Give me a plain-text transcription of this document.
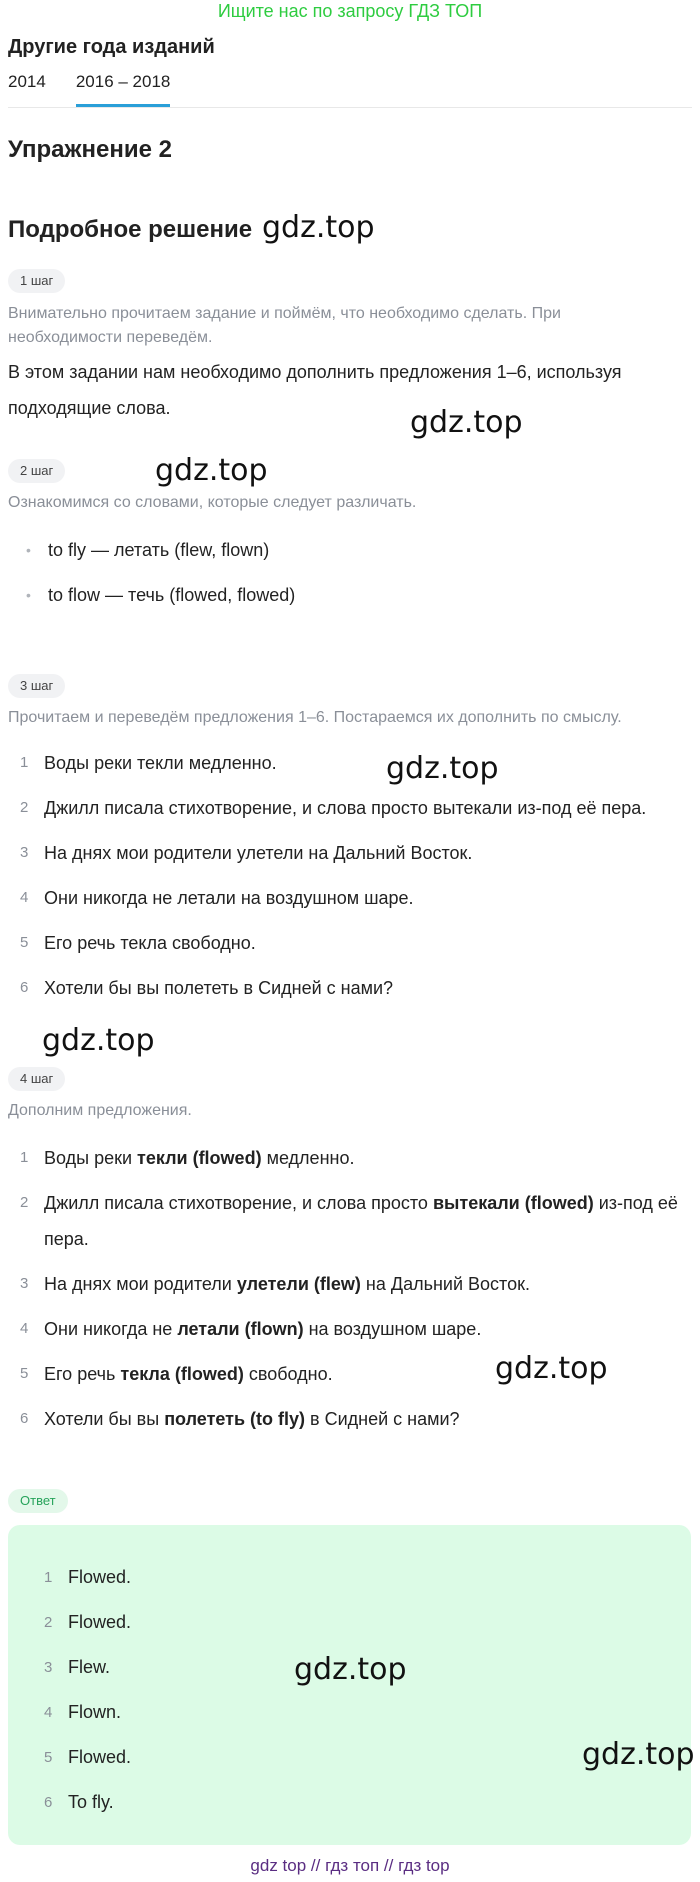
Ищите нас по запросу ГДЗ ТОП
Другие года изданий
2014 2016 – 2018
Упражнение 2
Подробное решение
1 шаг
Внимательно прочитаем задание и поймём, что необходимо сделать. При необходимости переведём.
В этом задании нам необходимо дополнить предложения 1–6, используя подходящие слова.
2 шаг
Ознакомимся со словами, которые следует различать.
• to fly — летать (flew, flown)
• to flow — течь (flowed, flowed)
3 шаг
Прочитаем и переведём предложения 1–6. Постараемся их дополнить по смыслу.
1 Воды реки текли медленно.
2 Джилл писала стихотворение, и слова просто вытекали из-под её пера.
3 На днях мои родители улетели на Дальний Восток.
4 Они никогда не летали на воздушном шаре.
5 Его речь текла свободно.
6 Хотели бы вы полететь в Сидней с нами?
4 шаг
Дополним предложения.
1 Воды реки текли (flowed) медленно.
2 Джилл писала стихотворение, и слова просто вытекали (flowed) из-под её пера.
3 На днях мои родители улетели (flew) на Дальний Восток.
4 Они никогда не летали (flown) на воздушном шаре.
5 Его речь текла (flowed) свободно.
6 Хотели бы вы полететь (to fly) в Сидней с нами?
Ответ
1 Flowed.
2 Flowed.
3 Flew.
4 Flown.
5 Flowed.
6 To fly.
gdz.top
gdz.top
gdz.top
gdz.top
gdz.top
gdz.top
gdz.top
gdz.top
gdz top // гдз топ // гдз top
